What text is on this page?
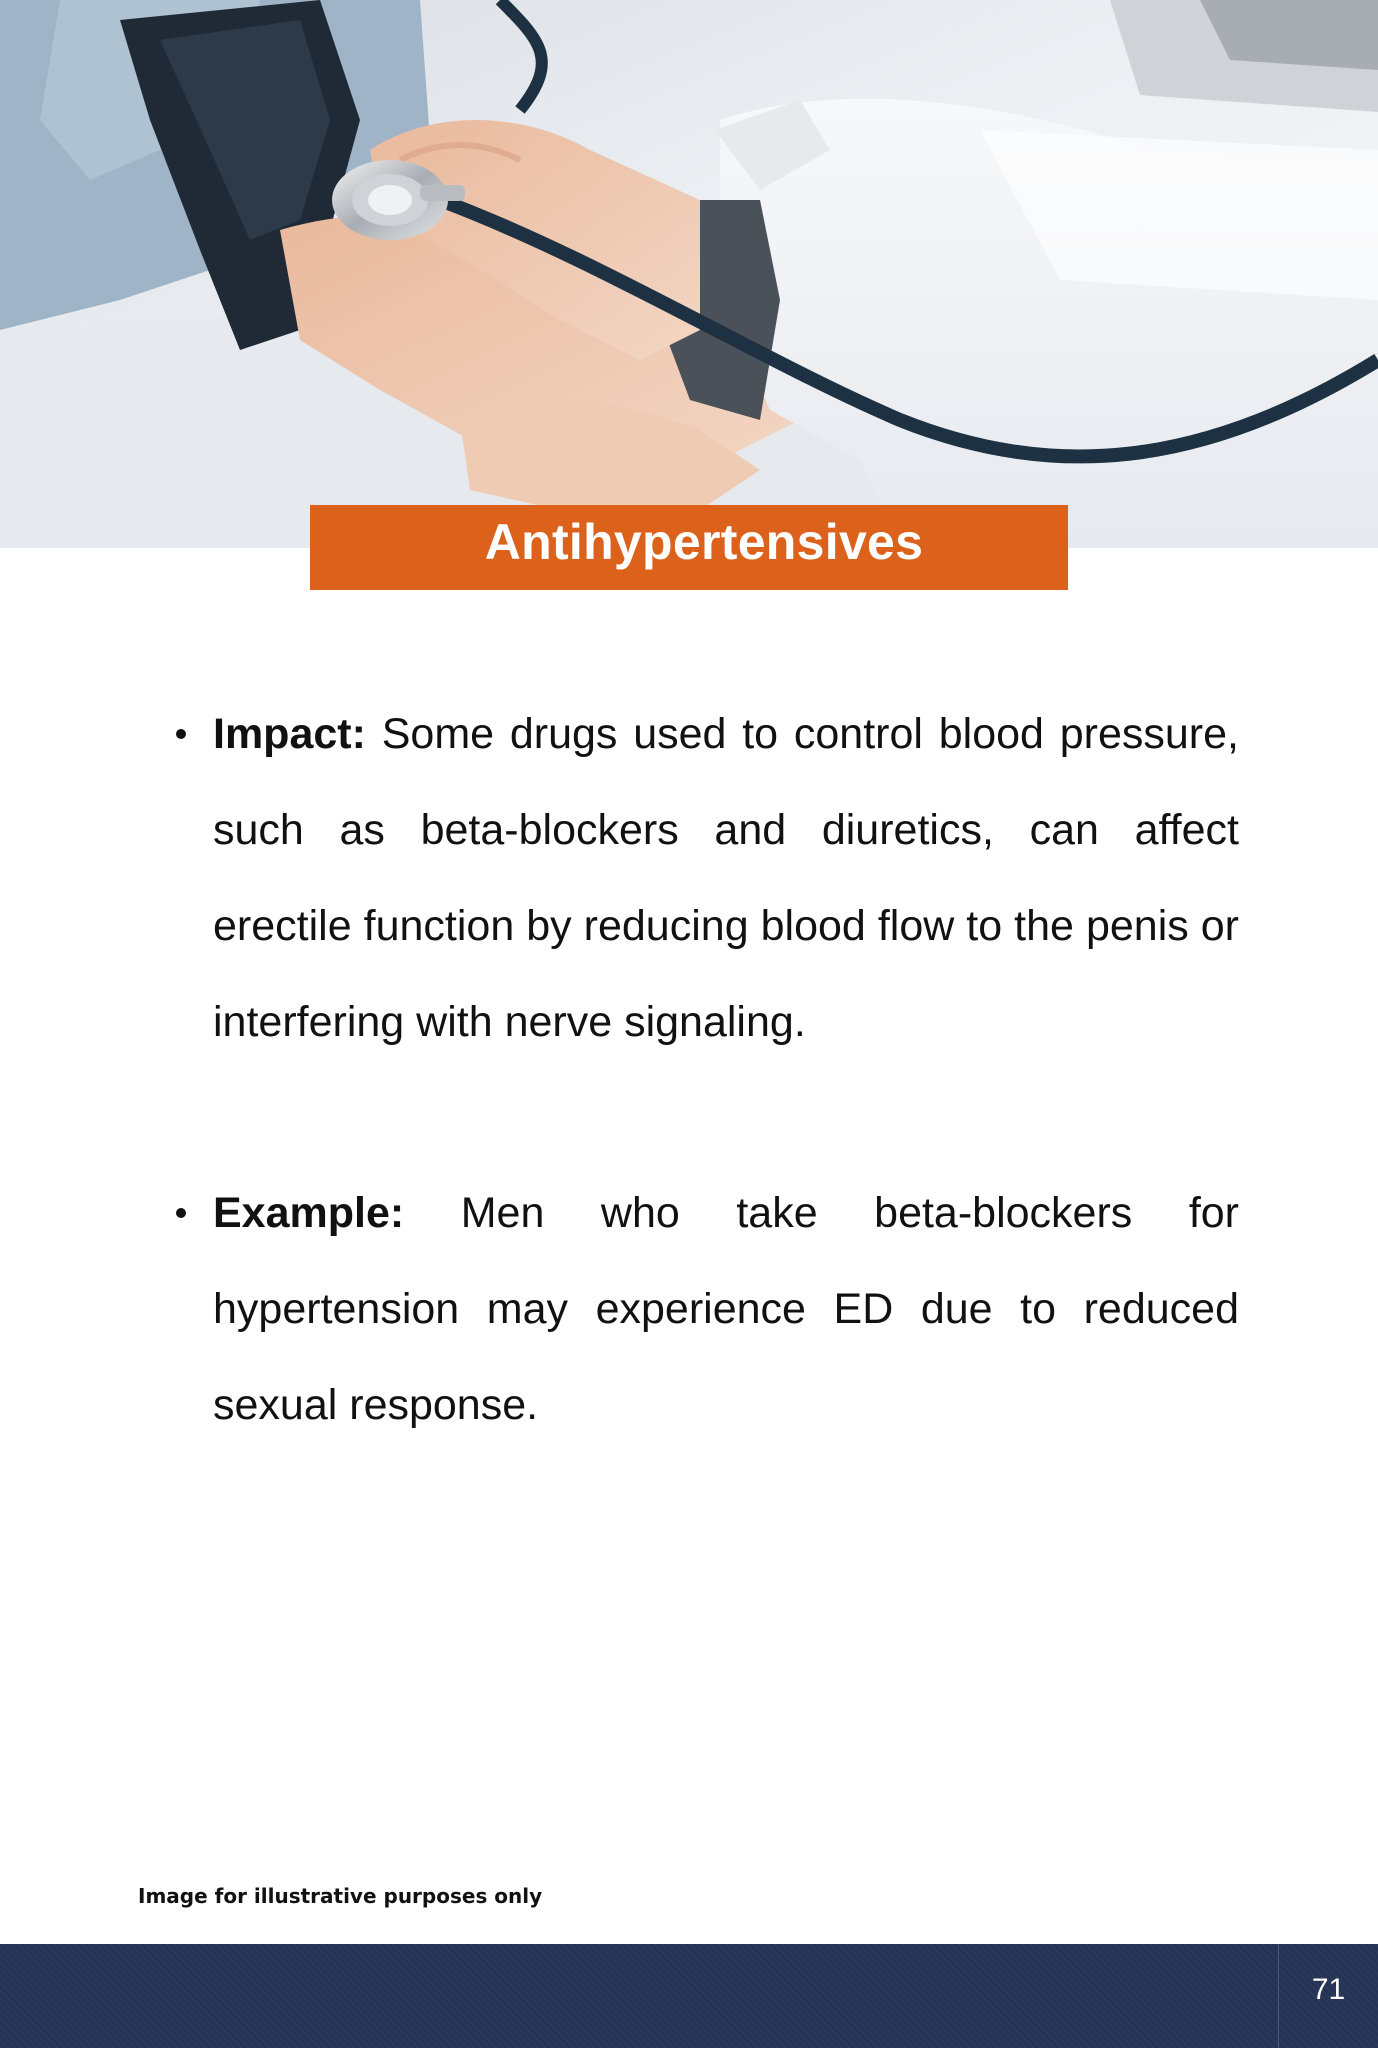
Antihypertensives
Impact: Some drugs used to control blood pressure, such as beta-blockers and diuretics, can affect erectile function by reducing blood flow to the penis or interfering with nerve signaling.
Example: Men who take beta-blockers for hypertension may experience ED due to reduced sexual response.
Image for illustrative purposes only
71
